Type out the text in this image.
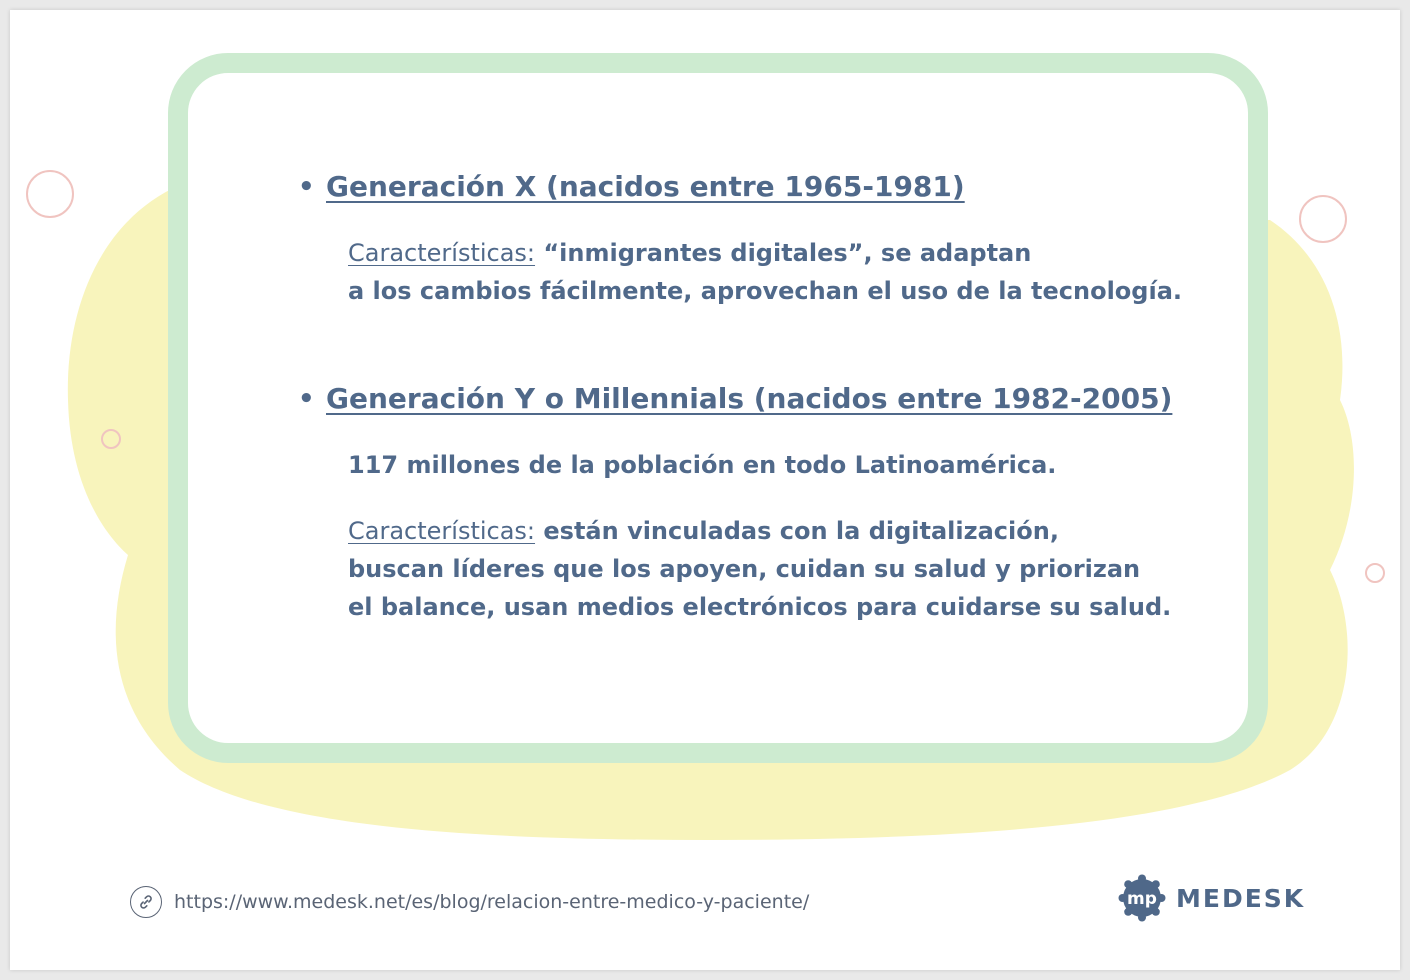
• Generación X (nacidos entre 1965-1981)
Características: “inmigrantes digitales”, se adaptan
a los cambios fácilmente, aprovechan el uso de la tecnología.
• Generación Y o Millennials (nacidos entre 1982-2005)
117 millones de la población en todo Latinoamérica.
Características: están vinculadas con la digitalización,
buscan líderes que los apoyen, cuidan su salud y priorizan
el balance, usan medios electrónicos para cuidarse su salud.
https://www.medesk.net/es/blog/relacion-entre-medico-y-paciente/	mp MEDESK
